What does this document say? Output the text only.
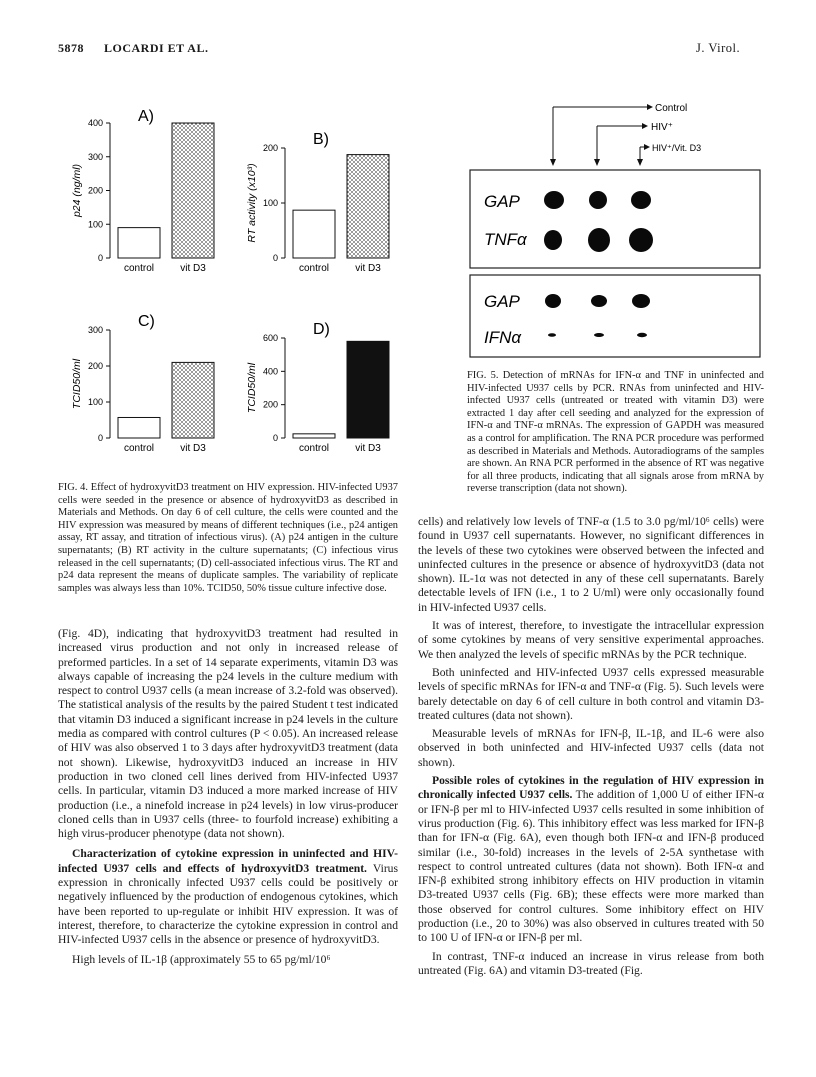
5878 LOCARDI ET AL.	J. Virol.
A)
0
100
200
300
400
p24 (ng/ml)
control	vit D3
B)
0
100
200
RT activity (x10³)
control	vit D3
C)
0
100
200
300
TCID50/ml
control	vit D3
D)
0
200
400
600
TCID50/ml
control	vit D3
Control
HIV⁺
HIV⁺/Vit. D3
GAP
TNFα
GAP
IFNα
FIG. 4. Effect of hydroxyvitD3 treatment on HIV expression. HIV-infected U937 cells were seeded in the presence or absence of hydroxyvitD3 as described in Materials and Methods. On day 6 of cell culture, the cells were counted and the HIV expression was measured by means of different techniques (i.e., p24 antigen assay, RT assay, and titration of infectious virus). (A) p24 antigen in the culture supernatants; (B) RT activity in the culture supernatants; (C) infectious virus released in the cell supernatants; (D) cell-associated infectious virus. The RT and p24 data represent the means of duplicate samples. The variability of replicate samples was always less than 10%. TCID50, 50% tissue culture infective dose.
FIG. 5. Detection of mRNAs for IFN-α and TNF in uninfected and HIV-infected U937 cells by PCR. RNAs from uninfected and HIV-infected U937 cells (untreated or treated with vitamin D3) were extracted 1 day after cell seeding and analyzed for the expression of IFN-α and TNF-α mRNAs. The expression of GAPDH was measured as a control for amplification. The RNA PCR procedure was performed as described in Materials and Methods. Autoradiograms of the samples are shown. An RNA PCR performed in the absence of RT was negative for all three products, indicating that all signals arose from mRNA by reverse transcription (data not shown).

(Fig. 4D), indicating that hydroxyvitD3 treatment had resulted in increased virus production and not only in increased release of preformed particles. In a set of 14 separate experiments, vitamin D3 was always capable of increasing the p24 levels in the culture medium with respect to control U937 cells (a mean increase of 3.2-fold was observed). The statistical analysis of the results by the paired Student t test indicated that vitamin D3 induced a significant increase in p24 levels in the culture media as compared with control cultures (P < 0.05). An increased release of HIV was also observed 1 to 3 days after hydroxyvitD3 treatment (data not shown). Likewise, hydroxyvitD3 induced an increase in HIV production in two cloned cell lines derived from HIV-infected U937 cells. In particular, vitamin D3 induced a more marked increase of HIV production (i.e., a ninefold increase in p24 levels) in low virus-producer cloned cells than in U937 cells (three- to fourfold increase) exhibiting a high virus-producer phenotype (data not shown).

Characterization of cytokine expression in uninfected and HIV-infected U937 cells and effects of hydroxyvitD3 treatment. Virus expression in chronically infected U937 cells could be positively or negatively influenced by the production of endogenous cytokines, which have been reported to up-regulate or inhibit HIV expression. It was of interest, therefore, to characterize the cytokine expression in control and HIV-infected U937 cells in the absence or presence of hydroxyvitD3.

High levels of IL-1β (approximately 55 to 65 pg/ml/10⁶

cells) and relatively low levels of TNF-α (1.5 to 3.0 pg/ml/10⁶ cells) were found in U937 cell supernatants. However, no significant differences in the levels of these two cytokines were observed between the infected and uninfected cultures in the presence or absence of hydroxyvitD3 (data not shown). IL-1α was not detected in any of these cell supernatants. Barely detectable levels of IFN (i.e., 1 to 2 U/ml) were only occasionally found in HIV-infected U937 cells.

It was of interest, therefore, to investigate the intracellular expression of some cytokines by means of very sensitive experimental approaches. We then analyzed the levels of specific mRNAs by the PCR technique.

Both uninfected and HIV-infected U937 cells expressed measurable levels of specific mRNAs for IFN-α and TNF-α (Fig. 5). Such levels were barely detectable on day 6 of cell culture in both control and vitamin D3-treated cultures (data not shown).

Measurable levels of mRNAs for IFN-β, IL-1β, and IL-6 were also observed in both uninfected and HIV-infected U937 cells (data not shown).

Possible roles of cytokines in the regulation of HIV expression in chronically infected U937 cells. The addition of 1,000 U of either IFN-α or IFN-β per ml to HIV-infected U937 cells resulted in some inhibition of virus production (Fig. 6). This inhibitory effect was less marked for IFN-β than for IFN-α (Fig. 6A), even though both IFN-α and IFN-β produced similar (i.e., 30-fold) increases in the levels of 2-5A synthetase with respect to control untreated cultures (data not shown). Both IFN-α and IFN-β exhibited strong inhibitory effects on HIV production in vitamin D3-treated U937 cells (Fig. 6B); these effects were more marked than those observed for control cultures. Some inhibitory effect on HIV production (i.e., 20 to 30%) was also observed in cultures treated with 50 to 100 U of IFN-α or IFN-β per ml.

In contrast, TNF-α induced an increase in virus release from both untreated (Fig. 6A) and vitamin D3-treated (Fig.
